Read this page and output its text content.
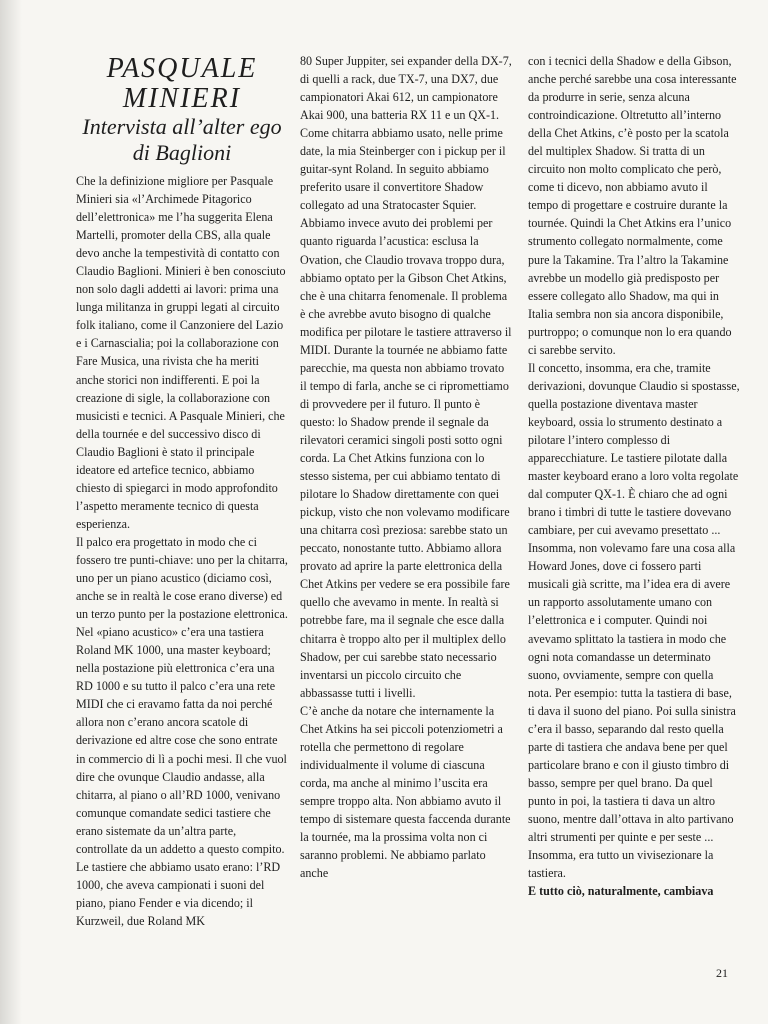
PASQUALE MINIERI
Intervista all’alter ego
di Baglioni

Che la definizione migliore per Pasquale Minieri sia «l’Archimede Pitagorico dell’elettronica» me l’ha suggerita Elena Martelli, promoter della CBS, alla quale devo anche la tempestività di contatto con Claudio Baglioni. Minieri è ben conosciuto non solo dagli addetti ai lavori: prima una lunga militanza in gruppi legati al circuito folk italiano, come il Canzoniere del Lazio e i Carnascialia; poi la collaborazione con Fare Musica, una rivista che ha meriti anche storici non indifferenti. E poi la creazione di sigle, la collaborazione con musicisti e tecnici. A Pasquale Minieri, che della tournée e del successivo disco di Claudio Baglioni è stato il principale ideatore ed artefice tecnico, abbiamo chiesto di spiegarci in modo approfondito l’aspetto meramente tecnico di questa esperienza.

Il palco era progettato in modo che ci fossero tre punti-chiave: uno per la chitarra, uno per un piano acustico (diciamo così, anche se in realtà le cose erano diverse) ed un terzo punto per la postazione elettronica. Nel «piano acustico» c’era una tastiera Roland MK 1000, una master keyboard; nella postazione più elettronica c’era una RD 1000 e su tutto il palco c’era una rete MIDI che ci eravamo fatta da noi perché allora non c’erano ancora scatole di derivazione ed altre cose che sono entrate in commercio di lì a pochi mesi. Il che vuol dire che ovunque Claudio andasse, alla chitarra, al piano o all’RD 1000, venivano comunque comandate sedici tastiere che erano sistemate da un’altra parte, controllate da un addetto a questo compito.

Le tastiere che abbiamo usato erano: l’RD 1000, che aveva campionati i suoni del piano, piano Fender e via dicendo; il Kurzweil, due Roland MK

80 Super Juppiter, sei expander della DX-7, di quelli a rack, due TX-7, una DX7, due campionatori Akai 612, un campionatore Akai 900, una batteria RX 11 e un QX-1. Come chitarra abbiamo usato, nelle prime date, la mia Steinberger con i pickup per il guitar-synt Roland. In seguito abbiamo preferito usare il convertitore Shadow collegato ad una Stratocaster Squier.

Abbiamo invece avuto dei problemi per quanto riguarda l’acustica: esclusa la Ovation, che Claudio trovava troppo dura, abbiamo optato per la Gibson Chet Atkins, che è una chitarra fenomenale. Il problema è che avrebbe avuto bisogno di qualche modifica per pilotare le tastiere attraverso il MIDI. Durante la tournée ne abbiamo fatte parecchie, ma questa non abbiamo trovato il tempo di farla, anche se ci ripromettiamo di provvedere per il futuro. Il punto è questo: lo Shadow prende il segnale da rilevatori ceramici singoli posti sotto ogni corda. La Chet Atkins funziona con lo stesso sistema, per cui abbiamo tentato di pilotare lo Shadow direttamente con quei pickup, visto che non volevamo modificare una chitarra così preziosa: sarebbe stato un peccato, nonostante tutto. Abbiamo allora provato ad aprire la parte elettronica della Chet Atkins per vedere se era possibile fare quello che avevamo in mente. In realtà si potrebbe fare, ma il segnale che esce dalla chitarra è troppo alto per il multiplex dello Shadow, per cui sarebbe stato necessario inventarsi un piccolo circuito che abbassasse tutti i livelli.

C’è anche da notare che internamente la Chet Atkins ha sei piccoli potenziometri a rotella che permettono di regolare individualmente il volume di ciascuna corda, ma anche al minimo l’uscita era sempre troppo alta. Non abbiamo avuto il tempo di sistemare questa faccenda durante la tournée, ma la prossima volta non ci saranno problemi. Ne abbiamo parlato anche

con i tecnici della Shadow e della Gibson, anche perché sarebbe una cosa interessante da produrre in serie, senza alcuna controindicazione. Oltretutto all’interno della Chet Atkins, c’è posto per la scatola del multiplex Shadow. Si tratta di un circuito non molto complicato che però, come ti dicevo, non abbiamo avuto il tempo di progettare e costruire durante la tournée. Quindi la Chet Atkins era l’unico strumento collegato normalmente, come pure la Takamine. Tra l’altro la Takamine avrebbe un modello già predisposto per essere collegato allo Shadow, ma qui in Italia sembra non sia ancora disponibile, purtroppo; o comunque non lo era quando ci sarebbe servito.

Il concetto, insomma, era che, tramite derivazioni, dovunque Claudio si spostasse, quella postazione diventava master keyboard, ossia lo strumento destinato a pilotare l’intero complesso di apparecchiature. Le tastiere pilotate dalla master keyboard erano a loro volta regolate dal computer QX-1. È chiaro che ad ogni brano i timbri di tutte le tastiere dovevano cambiare, per cui avevamo presettato ... Insomma, non volevamo fare una cosa alla Howard Jones, dove ci fossero parti musicali già scritte, ma l’idea era di avere un rapporto assolutamente umano con l’elettronica e i computer. Quindi noi avevamo splittato la tastiera in modo che ogni nota comandasse un determinato suono, ovviamente, sempre con quella nota. Per esempio: tutta la tastiera di base, ti dava il suono del piano. Poi sulla sinistra c’era il basso, separando dal resto quella parte di tastiera che andava bene per quel particolare brano e con il giusto timbro di basso, sempre per quel brano. Da quel punto in poi, la tastiera ti dava un altro suono, mentre dall’ottava in alto partivano altri strumenti per quinte e per seste ... Insomma, era tutto un vivisezionare la tastiera.

E tutto ciò, naturalmente, cambiava

21
